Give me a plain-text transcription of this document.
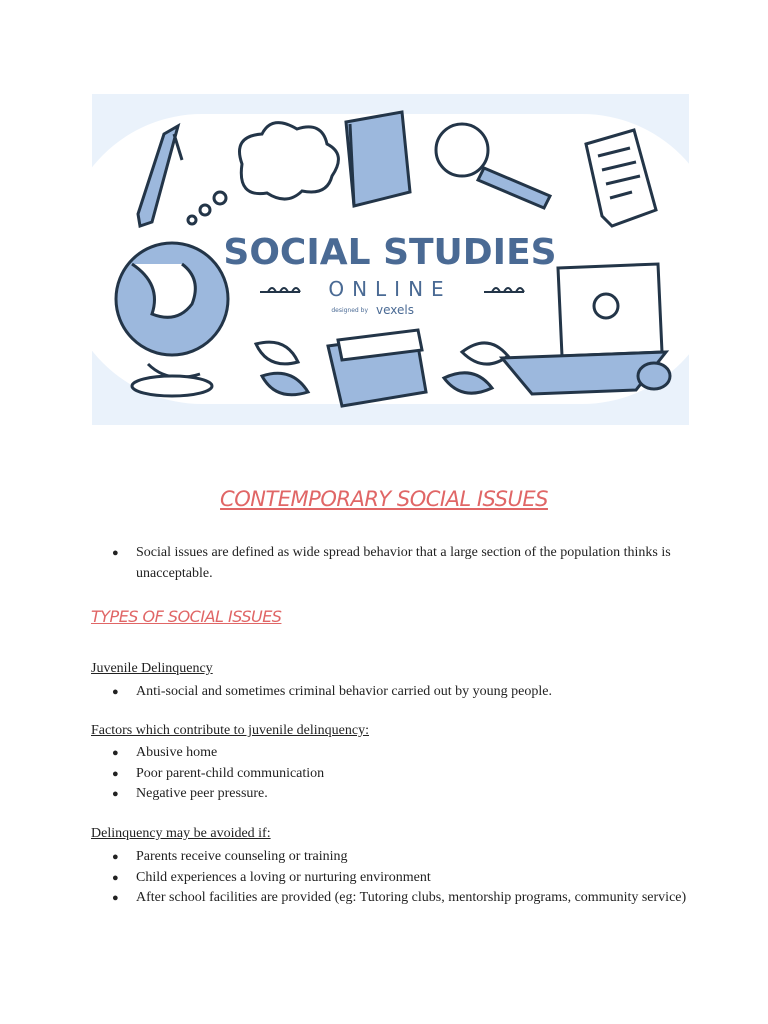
SOCIAL STUDIES
ONLINE
designed by vexels
CONTEMPORARY SOCIAL ISSUES
● Social issues are defined as wide spread behavior that a large section of the population thinks is unacceptable.
TYPES OF SOCIAL ISSUES
Juvenile Delinquency
● Anti-social and sometimes criminal behavior carried out by young people.
Factors which contribute to juvenile delinquency:
● Abusive home
● Poor parent-child communication
● Negative peer pressure.
Delinquency may be avoided if:
● Parents receive counseling or training
● Child experiences a loving or nurturing environment
● After school facilities are provided (eg: Tutoring clubs, mentorship programs, community service)
